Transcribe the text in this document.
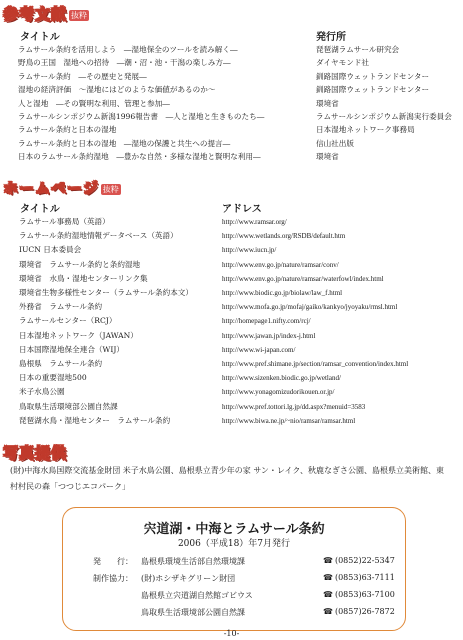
参考文献 抜粋
タイトル	発行所
ラムサール条約を活用しよう　―湿地保全のツールを読み解く―	琵琶湖ラムサール研究会
野鳥の王国　湿地への招待　―潮・沼・池・干潟の楽しみ方―	ダイヤモンド社
ラムサール条約　―その歴史と発展―	釧路国際ウェットランドセンター
湿地の経済評価　～湿地にはどのような価値があるのか～	釧路国際ウェットランドセンター
人と湿地　―その賢明な利用、管理と参加―	環境省
ラムサールシンポジウム新潟1996報告書　―人と湿地と生きものたち―	ラムサールシンポジウム新潟実行委員会
ラムサール条約と日本の湿地	日本湿地ネットワーク事務局
ラムサール条約と日本の湿地　―湿地の保護と共生への提言―	信山社出版
日本のラムサール条約湿地　―豊かな自然・多様な湿地と賢明な利用―	環境省
ホームページ 抜粋
タイトル	アドレス
ラムサール事務局（英語）	http://www.ramsar.org/
ラムサール条約湿地情報データベース（英語）	http://www.wetlands.org/RSDB/default.htm
IUCN 日本委員会	http://www.iucn.jp/
環境省　ラムサール条約と条約湿地	http://www.env.go.jp/nature/ramsar/conv/
環境省　水鳥・湿地センターリンク集	http://www.env.go.jp/nature/ramsar/waterfowl/index.html
環境省生物多様性センター（ラムサール条約本文）	http://www.biodic.go.jp/biolaw/law_f.html
外務省　ラムサール条約	http://www.mofa.go.jp/mofaj/gaiko/kankyo/jyoyaku/rmsl.html
ラムサールセンター（RCJ）	http://homepage1.nifty.com/rcj/
日本湿地ネットワーク（JAWAN）	http://www.jawan.jp/index-j.html
日本国際湿地保全連合（WIJ）	http://www.wi-japan.com/
島根県　ラムサール条約	http://www.pref.shimane.jp/section/ramsar_convention/index.html
日本の重要湿地500	http://www.sizenken.biodic.go.jp/wetland/
米子水鳥公園	http://www.yonagomizudorikouen.or.jp/
鳥取県生活環境部公園自然課	http://www.pref.tottori.lg.jp/dd.aspx?menuid=3583
琵琶湖水鳥・湿地センター　ラムサール条約	http://www.biwa.ne.jp/~nio/ramsar/ramsar.html
写真提供
(財)中海水鳥国際交流基金財団 米子水鳥公園、島根県立青少年の家 サン・レイク、秋鹿なぎさ公園、島根県立美術館、東村村民の森「つつじエコパーク」
宍道湖・中海とラムサール条約
2006（平成18）年7月発行
発　　行： 島根県環境生活部自然環境課	☎ (0852)22-5347
制作協力： (財)ホシザキグリーン財団	☎ (0853)63-7111
島根県立宍道湖自然館ゴビウス	☎ (0853)63-7100
鳥取県生活環境部公園自然課	☎ (0857)26-7872
-10-
